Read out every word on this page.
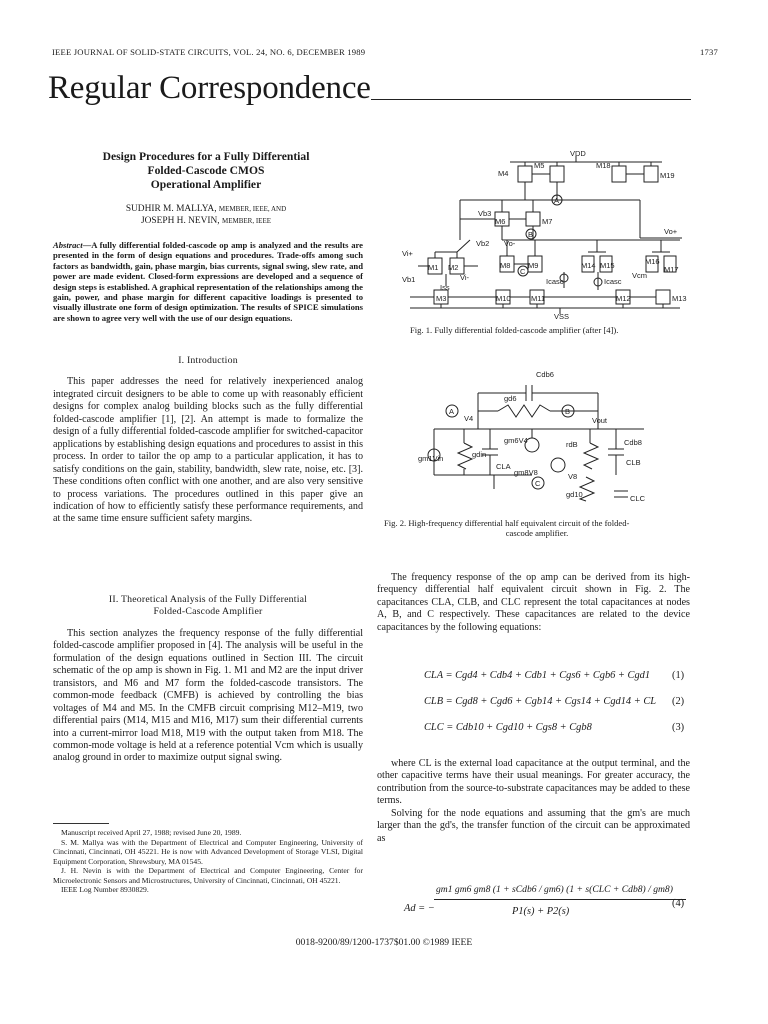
IEEE JOURNAL OF SOLID-STATE CIRCUITS, VOL. 24, NO. 6, DECEMBER 1989	1737
Regular Correspondence
Design Procedures for a Fully Differential
Folded-Cascode CMOS
Operational Amplifier
SUDHIR M. MALLYA, MEMBER, IEEE, AND
JOSEPH H. NEVIN, MEMBER, IEEE
Abstract—A fully differential folded-cascode op amp is analyzed and the results are presented in the form of design equations and procedures. Trade-offs among such factors as bandwidth, gain, phase margin, bias currents, signal swing, slew rate, and power are made evident. Closed-form expressions are developed and a sequence of design steps is established. A graphical representation of the relationships among the gain, power, and phase margin for different capacitive loadings is presented to visually illustrate one form of design optimization. The results of SPICE simulations are shown to agree very well with the use of our design equations.
I. Introduction

This paper addresses the need for relatively inexperienced analog integrated circuit designers to be able to come up with reasonably efficient designs for complex analog building blocks such as the fully differential folded-cascode amplifier [1], [2]. An attempt is made to formalize the design of a fully differential folded-cascode amplifier for switched-capacitor applications by establishing design equations and procedures to assist in this process. In order to tailor the op amp to a particular application, it has to satisfy conditions on the gain, stability, bandwidth, slew rate, noise, etc. [3]. These conditions often conflict with one another, and are also very sensitive to process variations. The procedures outlined in this paper give an indication of how to efficiently satisfy these performance requirements, and at the same time ensure sufficient safety margins.

II. Theoretical Analysis of the Fully Differential
Folded-Cascode Amplifier

This section analyzes the frequency response of the fully differential folded-cascode amplifier proposed in [4]. The analysis will be useful in the formulation of the design equations outlined in Section III. The circuit schematic of the op amp is shown in Fig. 1. M1 and M2 are the input driver transistors, and M6 and M7 form the folded-cascode transistors. The common-mode feedback (CMFB) is achieved by controlling the bias voltages of M4 and M5. In the CMFB circuit comprising M12–M19, two differential pairs (M14, M15 and M16, M17) sum their differential currents into a current-mirror load M18, M19 with the output taken from M18. The common-mode voltage is held at a reference potential Vcm which is usually analog ground in order to maximize output signal swing.

Manuscript received April 27, 1988; revised June 20, 1989.

S. M. Mallya was with the Department of Electrical and Computer Engineering, University of Cincinnati, Cincinnati, OH 45221. He is now with Advanced Development of Storage VLSI, Digital Equipment Corporation, Shrewsbury, MA 01545.

J. H. Nevin is with the Department of Electrical and Computer Engineering, Center for Microelectronic Sensors and Microstructures, University of Cincinnati, Cincinnati, OH 45221.

IEEE Log Number 8930829.

VDD
M4
M5	M18
M19
Vb3
M6	M7
Vb2 Vo-
Vo+
Vi+
Vi-
M1 M2	M8 M9	M14 M15	M16
M17
Vb1
Iss
Icasc	Icasc
Vcm
M3	M10	M11	M12	M13
VSS
A
B
C
Fig. 1. Fully differential folded-cascode amplifier (after [4]).
Cdb6
gd6
A
V4
B
Vout
gm1Vin	gdin
gm6V4
CLA
rdB	Cdb8
CLB
gm8V8
C
V8
gd10	CLC
Fig. 2. High-frequency differential half equivalent circuit of the folded-
cascode amplifier.

The frequency response of the op amp can be derived from its high-frequency differential half equivalent circuit shown in Fig. 2. The capacitances CLA, CLB, and CLC represent the total capacitances at nodes A, B, and C respectively. These capacitances are related to the device capacitances by the following equations:

CLA = Cgd4 + Cdb4 + Cdb1 + Cgs6 + Cgb6 + Cgd1 (1)
CLB = Cgd8 + Cgd6 + Cgb14 + Cgs14 + Cgd14 + CL (2)
CLC = Cdb10 + Cgd10 + Cgs8 + Cgb8	(3)

where CL is the external load capacitance at the output terminal, and the other capacitive terms have their usual meanings. For greater accuracy, the contribution from the source-to-substrate capacitances may be added to these terms.

Solving for the node equations and assuming that the gm's are much larger than the gd's, the transfer function of the circuit can be approximated as

Ad = −
gm1 gm6 gm8 (1 + sCdb6 / gm6) (1 + s(CLC + Cdb8) / gm8)
P1(s) + P2(s)
(4)
0018-9200/89/1200-1737$01.00 ©1989 IEEE
